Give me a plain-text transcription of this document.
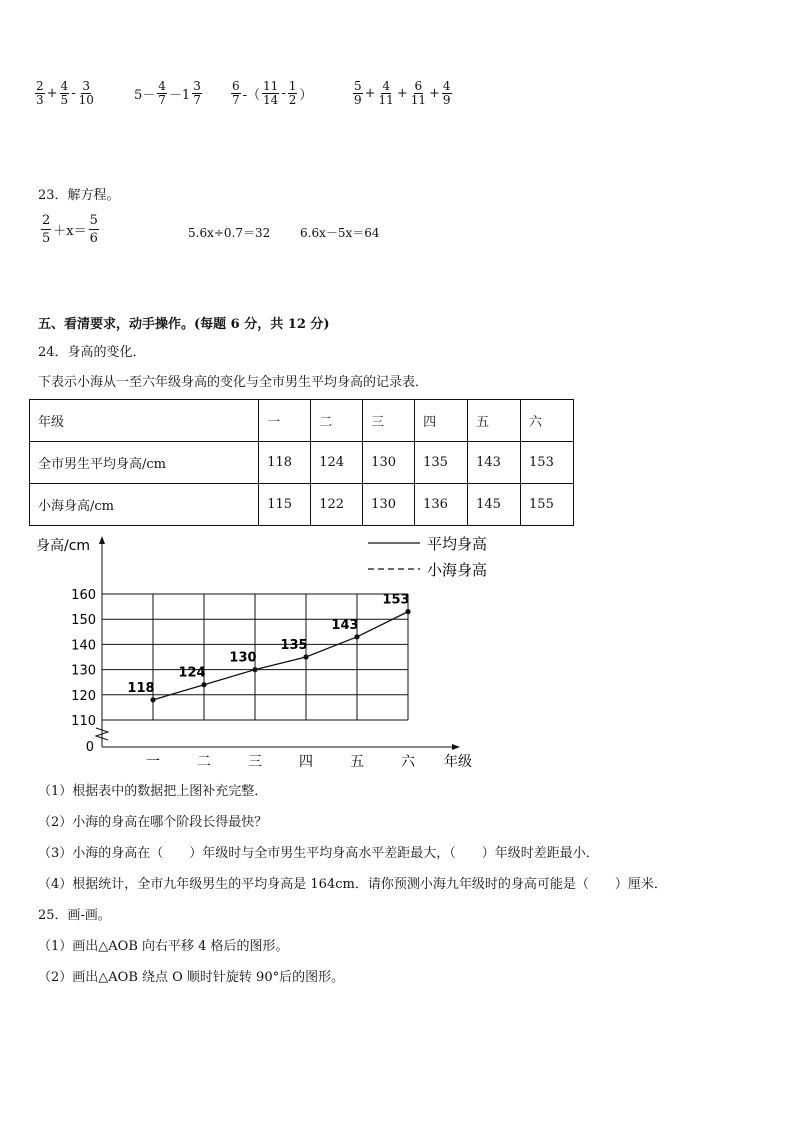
$\frac{2}{3} + \frac{4}{5} - \frac{3}{10}$	$5- \frac{4}{7} -1 \frac{3}{7} \frac{6}{7}$ -（ $\frac{11}{14} - \frac{1}{2}$ ）	$\frac{5}{9} + \frac{4}{11} + \frac{6}{11} + \frac{4}{9}$
23．解方程。
$\frac{2}{5} +x= \frac{5}{6}$	5.6x÷0.7＝32 6.6x－5x＝64
五、看清要求，动手操作。(每题 6 分，共 12 分)
24．身高的变化．
下表示小海从一至六年级身高的变化与全市男生平均身高的记录表．
年级	一	二	三	四	五	六
全市男生平均身高/cm	118	124	130	135	143	153
小海身高/cm	115	122	130	136	145	155
0
110
120
130
140
150
160
一	二	三	四	五	六
118
124
130
135
143
153
平均身高
小海身高
身高/cm
年级
（1）根据表中的数据把上图补充完整．
（2）小海的身高在哪个阶段长得最快？
（3）小海的身高在（　　）年级时与全市男生平均身高水平差距最大，（　　）年级时差距最小．
（4）根据统计，全市九年级男生的平均身高是 164cm．请你预测小海九年级时的身高可能是（　　）厘米．
25．画-画。
（1）画出△AOB 向右平移 4 格后的图形。
（2）画出△AOB 绕点 O 顺时针旋转 90°后的图形。
